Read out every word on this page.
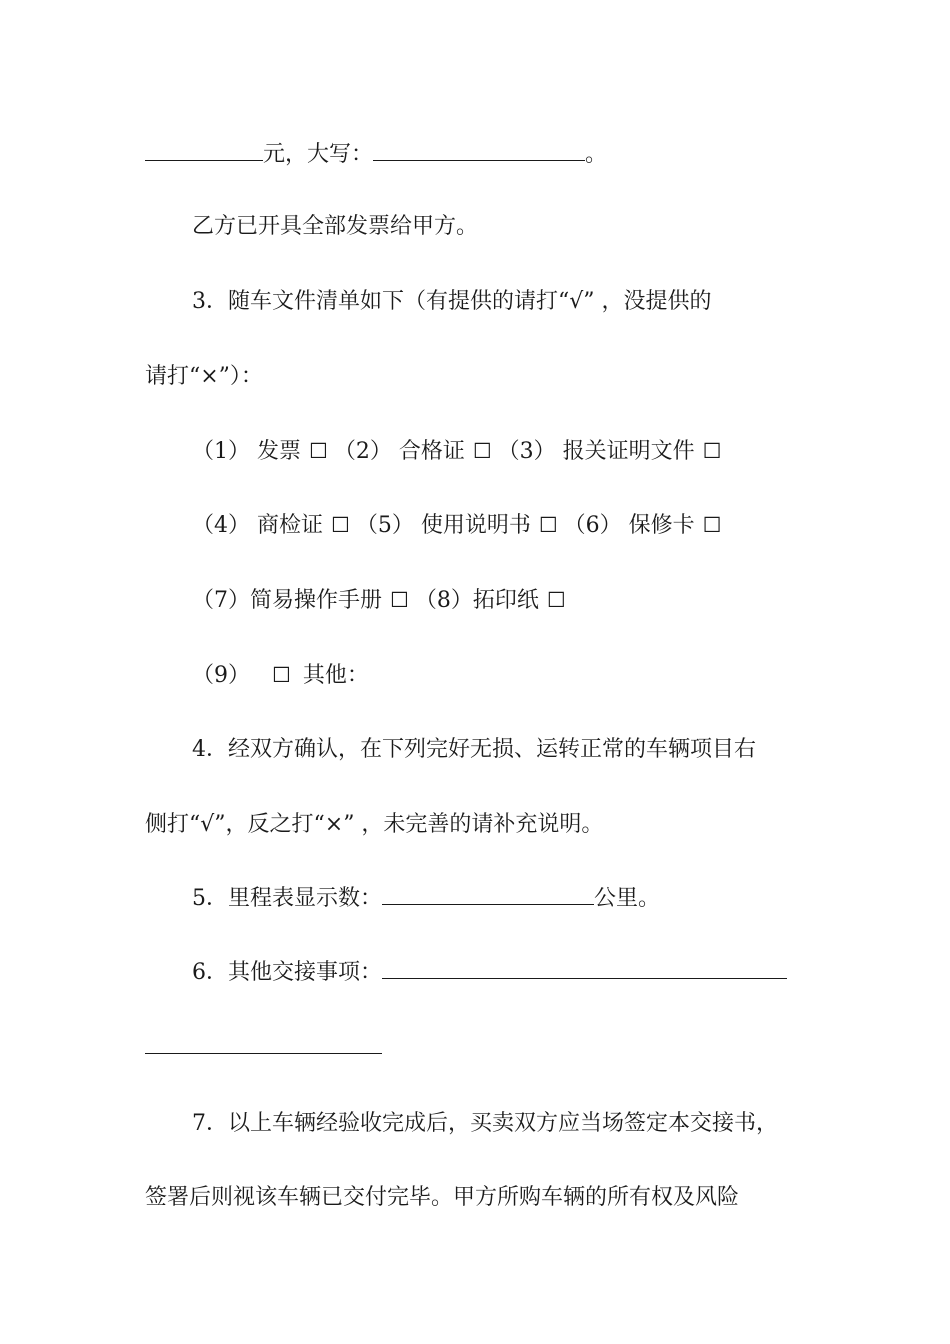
元，大写：	。
乙方已开具全部发票给甲方。
3．随车文件清单如下（有提供的请打“√” ，没提供的
请打“×”）：
（1） 发票 ☐ （2） 合格证 ☐ （3） 报关证明文件 ☐
（4） 商检证 ☐ （5） 使用说明书 ☐ （6） 保修卡 ☐
（7）简易操作手册 ☐ （8）拓印纸 ☐
（9） ☐ 其他：
4．经双方确认，在下列完好无损、运转正常的车辆项目右
侧打“√”，反之打“×” ，未完善的请补充说明。
5．里程表显示数：	公里。
6．其他交接事项：
7．以上车辆经验收完成后，买卖双方应当场签定本交接书，
签署后则视该车辆已交付完毕。甲方所购车辆的所有权及风险
